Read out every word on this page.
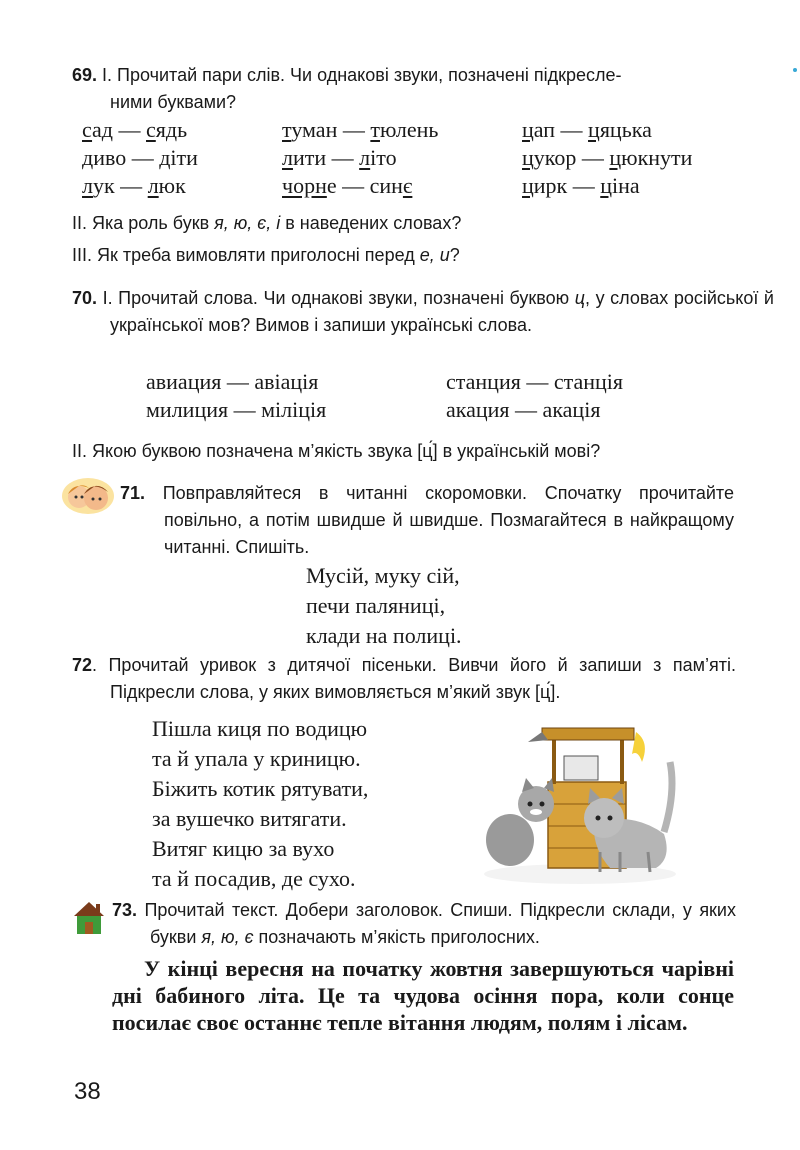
69. I. Прочитай пари слів. Чи однакові звуки, позначені підкресле-
ними буквами?
сад — сядь	туман — тюлень	цап — цяцька
диво — діти	лити — літо	цукор — цюкнути
лук — люк	чорне — синє	цирк — ціна
II. Яка роль букв я, ю, є, і в наведених словах?
III. Як треба вимовляти приголосні перед е, и?
70. I. Прочитай слова. Чи однакові звуки, позначені буквою ц, у словах російської й української мов? Вимов і запиши українські слова.
авиация — авіація	станция — станція
милиция — міліція	акация — акація
II. Якою буквою позначена м’якість звука [ц́] в українській мові?
71. Повправляйтеся в читанні скоромовки. Спочатку прочитайте повільно, а потім швидше й швидше. Позмагайтеся в найкращому читанні. Спишіть.
Мусій, муку сій,
печи паляниці,
клади на полиці.
72. Прочитай уривок з дитячої пісеньки. Вивчи його й запиши з пам’яті. Підкресли слова, у яких вимовляється м’який звук [ц́].
Пішла киця по водицю
та й упала у криницю.
Біжить котик рятувати,
за вушечко витягати.
Витяг кицю за вухо
та й посадив, де сухо.
73. Прочитай текст. Добери заголовок. Спиши. Підкресли склади, у яких букви я, ю, є позначають м’якість приголосних.
У кінці вересня на початку жовтня завершуються чарівні дні бабиного літа. Це та чудова осіння пора, коли сонце посилає своє останнє тепле вітання людям, полям і лісам.
38
